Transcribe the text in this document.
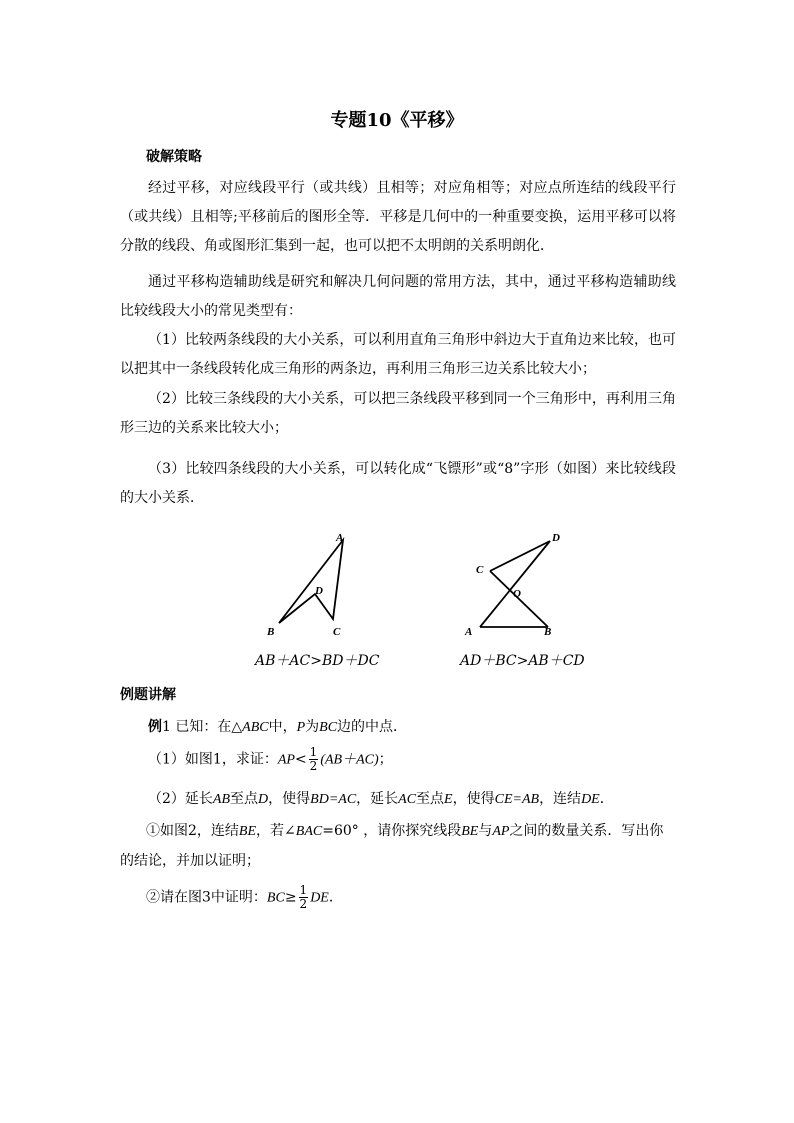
专题10《平移》
破解策略
经过平移，对应线段平行（或共线）且相等；对应角相等；对应点所连结的线段平行（或共线）且相等;平移前后的图形全等．平移是几何中的一种重要变换，运用平移可以将分散的线段、角或图形汇集到一起，也可以把不太明朗的关系明朗化．
通过平移构造辅助线是研究和解决几何问题的常用方法，其中，通过平移构造辅助线比较线段大小的常见类型有：
（1）比较两条线段的大小关系，可以利用直角三角形中斜边大于直角边来比较，也可以把其中一条线段转化成三角形的两条边，再利用三角形三边关系比较大小；
（2）比较三条线段的大小关系，可以把三条线段平移到同一个三角形中，再利用三角形三边的关系来比较大小；
（3）比较四条线段的大小关系，可以转化成“飞镖形”或“8”字形（如图）来比较线段的大小关系．
A
B	C
D
AB＋AC>BD＋DC
D
C
O
A	B
AD＋BC>AB＋CD
例题讲解
例1 已知：在△ABC中，P为BC边的中点．
（1）如图1，求证：$AP< \frac{1}{2} (AB+AC)$；
（2）延长AB至点D，使得BD=AC，延长AC至点E，使得CE=AB，连结DE．
①如图2，连结BE，若∠BAC=60° ，请你探究线段BE与AP之间的数量关系．写出你
的结论，并加以证明；
②请在图3中证明：$BC\ge \frac{1}{2}$ DE．
